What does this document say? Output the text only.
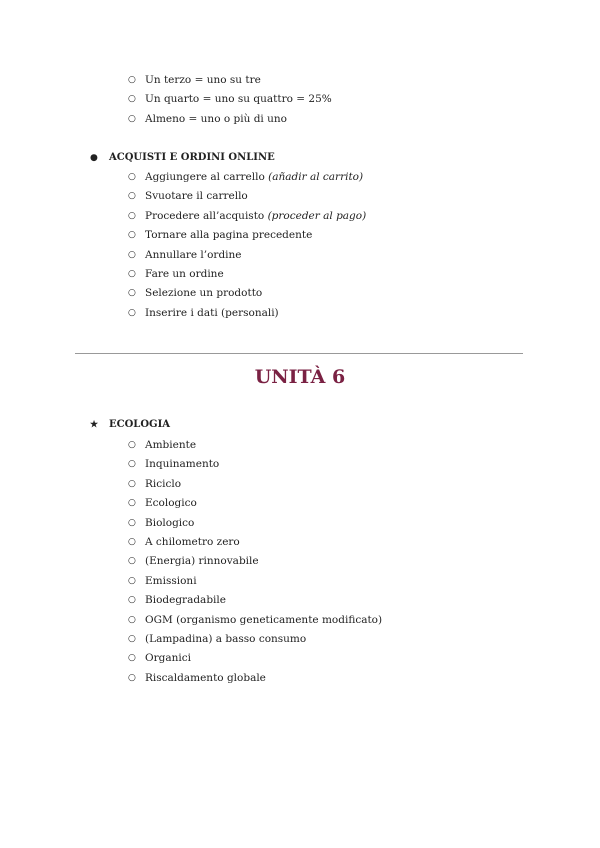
○ Un terzo = uno su tre
○ Un quarto = uno su quattro = 25%
○ Almeno = uno o più di uno
●	ACQUISTI E ORDINI ONLINE
○ Aggiungere al carrello (añadir al carrito)
○ Svuotare il carrello
○ Procedere all’acquisto (proceder al pago)
○ Tornare alla pagina precedente
○ Annullare l’ordine
○ Fare un ordine
○ Selezione un prodotto
○ Inserire i dati (personali)
UNITÀ 6
★	ECOLOGIA
○ Ambiente
○ Inquinamento
○ Riciclo
○ Ecologico
○ Biologico
○ A chilometro zero
○ (Energia) rinnovabile
○ Emissioni
○ Biodegradabile
○ OGM (organismo geneticamente modificato)
○ (Lampadina) a basso consumo
○ Organici
○ Riscaldamento globale
